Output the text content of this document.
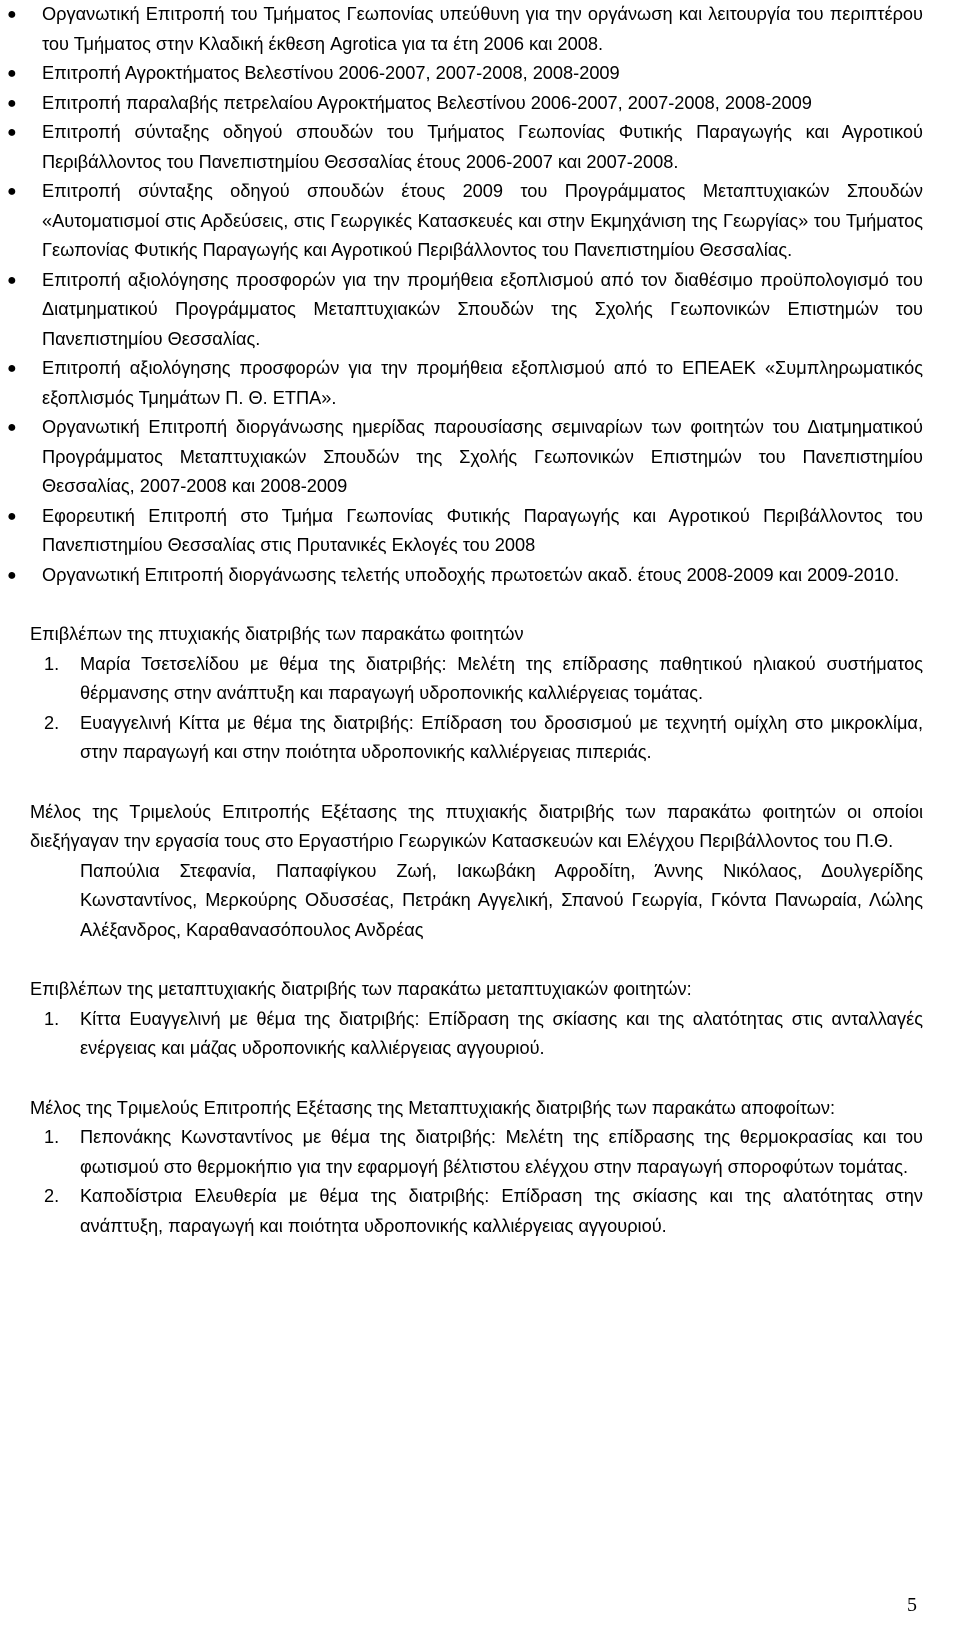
● Οργανωτική Επιτροπή του Τμήματος Γεωπονίας υπεύθυνη για την οργάνωση και λειτουργία του περιπτέρου του Τμήματος στην Κλαδική έκθεση Agrotica για τα έτη 2006 και 2008.
● Επιτροπή Αγροκτήματος Βελεστίνου 2006-2007, 2007-2008, 2008-2009
● Επιτροπή παραλαβής πετρελαίου Αγροκτήματος Βελεστίνου 2006-2007, 2007-2008, 2008-2009
● Επιτροπή σύνταξης οδηγού σπουδών του Τμήματος Γεωπονίας Φυτικής Παραγωγής και Αγροτικού Περιβάλλοντος του Πανεπιστημίου Θεσσαλίας έτους 2006-2007 και 2007-2008.
● Επιτροπή σύνταξης οδηγού σπουδών έτους 2009 του Προγράμματος Μεταπτυχιακών Σπουδών «Αυτοματισμοί στις Αρδεύσεις, στις Γεωργικές Κατασκευές και στην Εκμηχάνιση της Γεωργίας» του Τμήματος Γεωπονίας Φυτικής Παραγωγής και Αγροτικού Περιβάλλοντος του Πανεπιστημίου Θεσσαλίας.
● Επιτροπή αξιολόγησης προσφορών για την προμήθεια εξοπλισμού από τον διαθέσιμο προϋπολογισμό του Διατμηματικού Προγράμματος Μεταπτυχιακών Σπουδών της Σχολής Γεωπονικών Επιστημών του Πανεπιστημίου Θεσσαλίας.
● Επιτροπή αξιολόγησης προσφορών για την προμήθεια εξοπλισμού από το ΕΠΕΑΕΚ «Συμπληρωματικός εξοπλισμός Τμημάτων Π. Θ. ΕΤΠΑ».
● Οργανωτική Επιτροπή διοργάνωσης ημερίδας παρουσίασης σεμιναρίων των φοιτητών του Διατμηματικού Προγράμματος Μεταπτυχιακών Σπουδών της Σχολής Γεωπονικών Επιστημών του Πανεπιστημίου Θεσσαλίας, 2007-2008 και 2008-2009
● Εφορευτική Επιτροπή στο Τμήμα Γεωπονίας Φυτικής Παραγωγής και Αγροτικού Περιβάλλοντος του Πανεπιστημίου Θεσσαλίας στις Πρυτανικές Εκλογές του 2008
● Οργανωτική Επιτροπή διοργάνωσης τελετής υποδοχής πρωτοετών ακαδ. έτους 2008-2009 και 2009-2010.

Επιβλέπων της πτυχιακής διατριβής των παρακάτω φοιτητών

1. Μαρία Τσετσελίδου με θέμα της διατριβής: Μελέτη της επίδρασης παθητικού ηλιακού συστήματος θέρμανσης στην ανάπτυξη και παραγωγή υδροπονικής καλλιέργειας τομάτας.
2. Ευαγγελινή Κίττα με θέμα της διατριβής: Επίδραση του δροσισμού με τεχνητή ομίχλη στο μικροκλίμα, στην παραγωγή και στην ποιότητα υδροπονικής καλλιέργειας πιπεριάς.

Μέλος της Τριμελούς Επιτροπής Εξέτασης της πτυχιακής διατριβής των παρακάτω φοιτητών οι οποίοι διεξήγαγαν την εργασία τους στο Εργαστήριο Γεωργικών Κατασκευών και Ελέγχου Περιβάλλοντος του Π.Θ.

Παπούλια Στεφανία, Παπαφίγκου Ζωή, Ιακωβάκη Αφροδίτη, Άννης Νικόλαος, Δουλγερίδης Κωνσταντίνος, Μερκούρης Οδυσσέας, Πετράκη Αγγελική, Σπανού Γεωργία, Γκόντα Πανωραία, Λώλης Αλέξανδρος, Καραθανασόπουλος Ανδρέας

Επιβλέπων της μεταπτυχιακής διατριβής των παρακάτω μεταπτυχιακών φοιτητών:

1. Κίττα Ευαγγελινή με θέμα της διατριβής: Επίδραση της σκίασης και της αλατότητας στις ανταλλαγές ενέργειας και μάζας υδροπονικής καλλιέργειας αγγουριού.

Μέλος της Τριμελούς Επιτροπής Εξέτασης της Μεταπτυχιακής διατριβής των παρακάτω αποφοίτων:

1. Πεπονάκης Κωνσταντίνος με θέμα της διατριβής: Μελέτη της επίδρασης της θερμοκρασίας και του φωτισμού στο θερμοκήπιο για την εφαρμογή βέλτιστου ελέγχου στην παραγωγή σποροφύτων τομάτας.
2. Καποδίστρια Ελευθερία με θέμα της διατριβής: Επίδραση της σκίασης και της αλατότητας στην ανάπτυξη, παραγωγή και ποιότητα υδροπονικής καλλιέργειας αγγουριού.
5
